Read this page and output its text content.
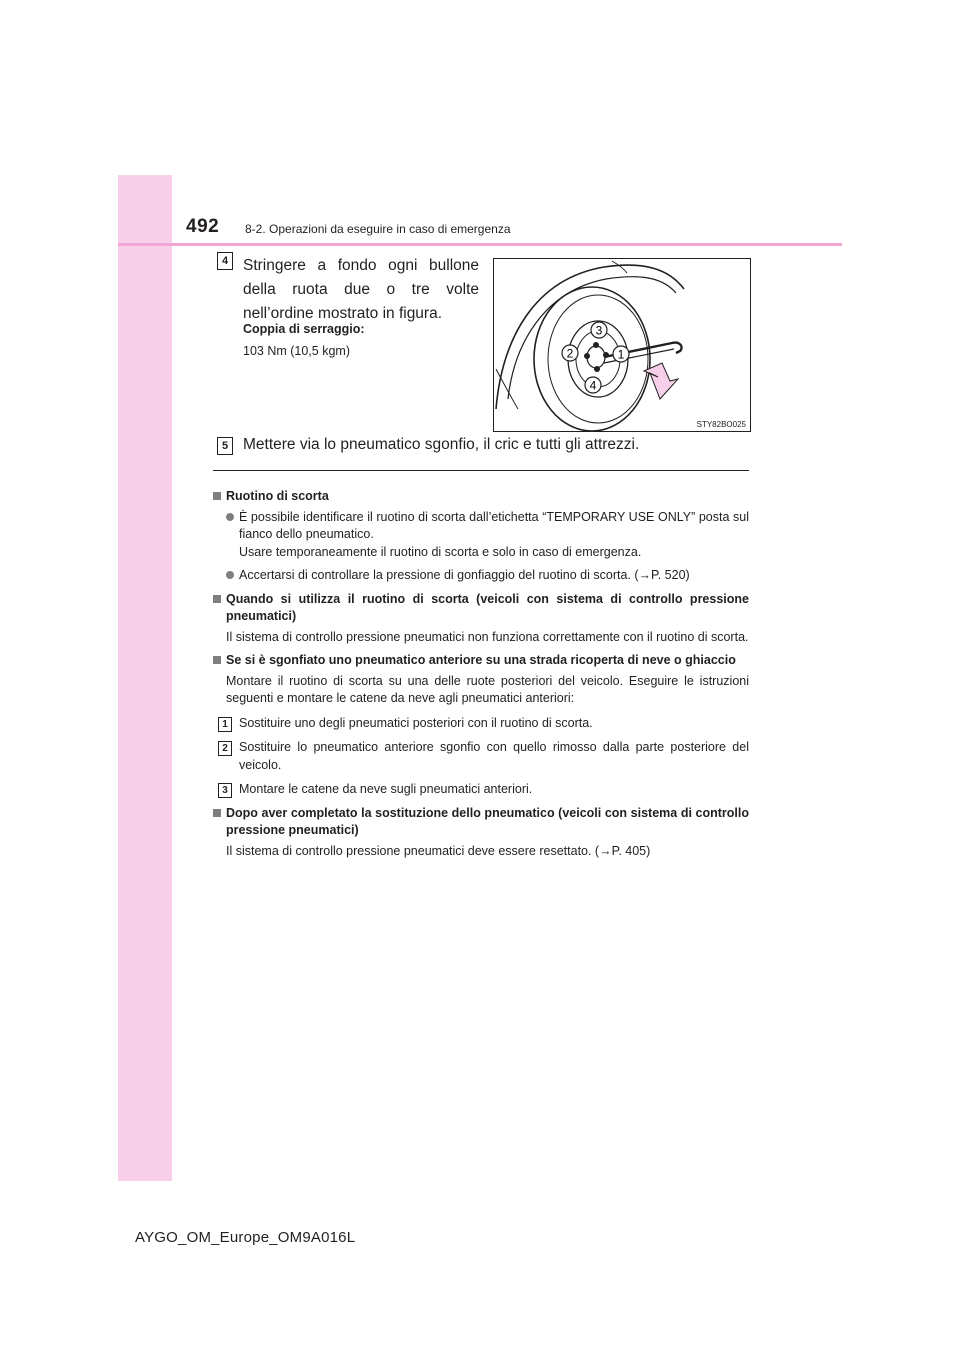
492 8-2. Operazioni da eseguire in caso di emergenza
4 Stringere a fondo ogni bullone della ruota due o tre volte nell’ordine mostrato in figura.
Coppia di serraggio:
103 Nm (10,5 kgm)
3
1
2
4
STY82BO025
5 Mettere via lo pneumatico sgonfio, il cric e tutti gli attrezzi.
Ruotino di scorta
È possibile identificare il ruotino di scorta dall’etichetta “TEMPORARY USE ONLY” posta sul fianco dello pneumatico.
Usare temporaneamente il ruotino di scorta e solo in caso di emergenza.
Accertarsi di controllare la pressione di gonfiaggio del ruotino di scorta. (→P. 520)
Quando si utilizza il ruotino di scorta (veicoli con sistema di controllo pressione pneumatici)
Il sistema di controllo pressione pneumatici non funziona correttamente con il ruotino di scorta.
Se si è sgonfiato uno pneumatico anteriore su una strada ricoperta di neve o ghiaccio
Montare il ruotino di scorta su una delle ruote posteriori del veicolo. Eseguire le istruzioni seguenti e montare le catene da neve agli pneumatici anteriori:
1 Sostituire uno degli pneumatici posteriori con il ruotino di scorta.
2 Sostituire lo pneumatico anteriore sgonfio con quello rimosso dalla parte posteriore del veicolo.
3 Montare le catene da neve sugli pneumatici anteriori.
Dopo aver completato la sostituzione dello pneumatico (veicoli con sistema di controllo pressione pneumatici)
Il sistema di controllo pressione pneumatici deve essere resettato. (→P. 405)
AYGO_OM_Europe_OM9A016L
